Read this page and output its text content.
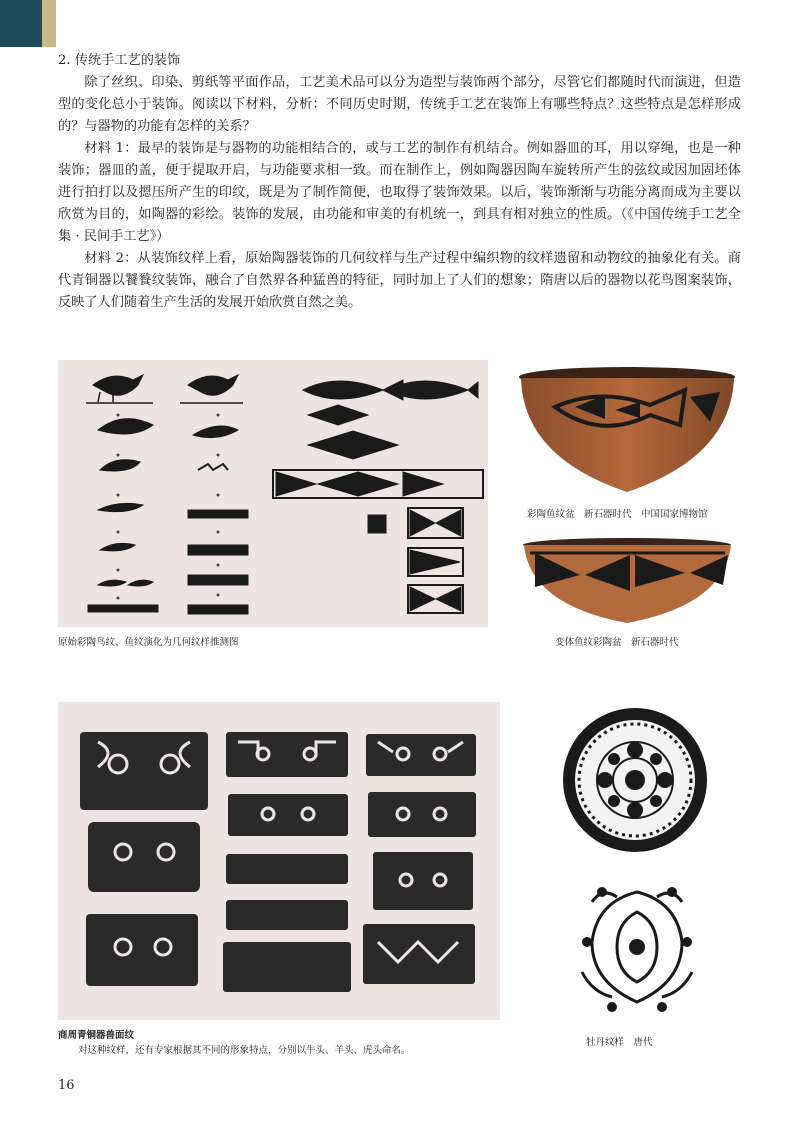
2. 传统手工艺的装饰

除了丝织、印染、剪纸等平面作品，工艺美术品可以分为造型与装饰两个部分，尽管它们都随时代而演进，但造型的变化总小于装饰。阅读以下材料，分析：不同历史时期，传统手工艺在装饰上有哪些特点？这些特点是怎样形成的？与器物的功能有怎样的关系？

材料 1：最早的装饰是与器物的功能相结合的，或与工艺的制作有机结合。例如器皿的耳，用以穿绳，也是一种装饰；器皿的盖，便于提取开启，与功能要求相一致。而在制作上，例如陶器因陶车旋转所产生的弦纹或因加固坯体进行拍打以及摁压所产生的印纹，既是为了制作简便，也取得了装饰效果。以后，装饰渐渐与功能分离而成为主要以欣赏为目的，如陶器的彩绘。装饰的发展，由功能和审美的有机统一，到具有相对独立的性质。（《中国传统手工艺全集 · 民间手工艺》）

材料 2：从装饰纹样上看，原始陶器装饰的几何纹样与生产过程中编织物的纹样遗留和动物纹的抽象化有关。商代青铜器以饕餮纹装饰，融合了自然界各种猛兽的特征，同时加上了人们的想象；隋唐以后的器物以花鸟图案装饰，反映了人们随着生产生活的发展开始欣赏自然之美。

原始彩陶鸟纹、鱼纹演化为几何纹样推测图
彩陶鱼纹盆　新石器时代　中国国家博物馆
变体鱼纹彩陶盆　新石器时代
商周青铜器兽面纹
对这种纹样，还有专家根据其不同的形象特点，分别以牛头、羊头、虎头命名。
牡丹纹样　唐代
16
